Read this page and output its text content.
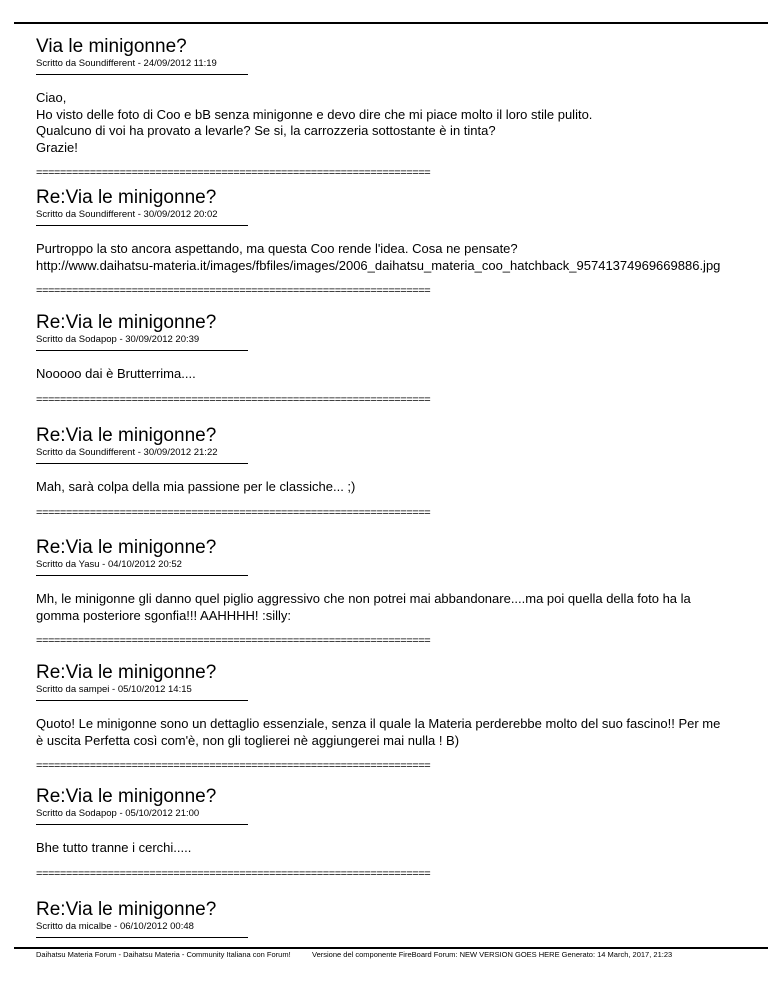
Via le minigonne?
Scritto da Soundifferent - 24/09/2012 11:19

Ciao,

Ho visto delle foto di Coo e bB senza minigonne e devo dire che mi piace molto il loro stile pulito.

Qualcuno di voi ha provato a levarle? Se si, la carrozzeria sottostante è in tinta?

Grazie!

==================================================================
Re:Via le minigonne?
Scritto da Soundifferent - 30/09/2012 20:02

Purtroppo la sto ancora aspettando, ma questa Coo rende l'idea. Cosa ne pensate?

http://www.daihatsu-materia.it/images/fbfiles/images/2006_daihatsu_materia_coo_hatchback_95741374969669886.jpg

==================================================================
Re:Via le minigonne?
Scritto da Sodapop - 30/09/2012 20:39

Nooooo dai è Brutterrima....

==================================================================
Re:Via le minigonne?
Scritto da Soundifferent - 30/09/2012 21:22

Mah, sarà colpa della mia passione per le classiche... ;)

==================================================================
Re:Via le minigonne?
Scritto da Yasu - 04/10/2012 20:52

Mh, le minigonne gli danno quel piglio aggressivo che non potrei mai abbandonare....ma poi quella della foto ha la

gomma posteriore sgonfia!!! AAHHHH! :silly:

==================================================================
Re:Via le minigonne?
Scritto da sampei - 05/10/2012 14:15

Quoto! Le minigonne sono un dettaglio essenziale, senza il quale la Materia perderebbe molto del suo fascino!! Per me

è uscita Perfetta così com'è, non gli toglierei nè aggiungerei mai nulla ! B)

==================================================================
Re:Via le minigonne?
Scritto da Sodapop - 05/10/2012 21:00

Bhe tutto tranne i cerchi.....

==================================================================
Re:Via le minigonne?
Scritto da micalbe - 06/10/2012 00:48
Daihatsu Materia Forum - Daihatsu Materia - Community Italiana con Forum!	Versione del componente FireBoard Forum: NEW VERSION GOES HERE Generato: 14 March, 2017, 21:23
